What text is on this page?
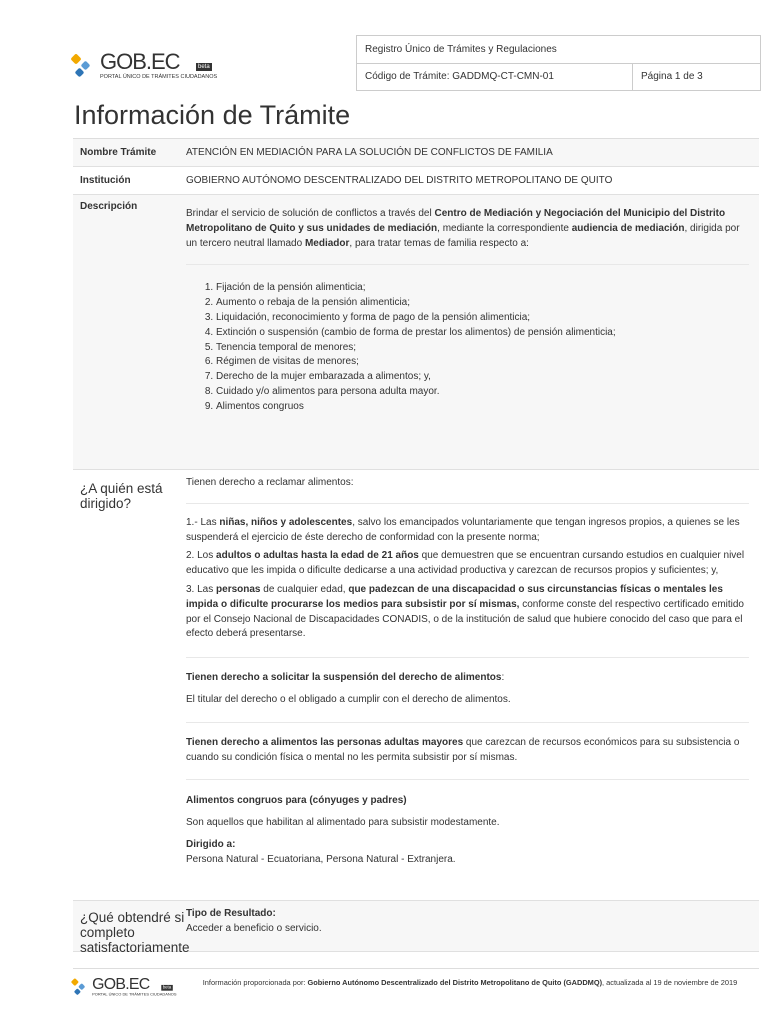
GOB.EC	beta
PORTAL ÚNICO DE TRÁMITES CIUDADANOS
Registro Único de Trámites y Regulaciones
Código de Trámite: GADDMQ-CT-CMN-01	Página 1 de 3
Información de Trámite
Nombre Trámite	ATENCIÓN EN MEDIACIÓN PARA LA SOLUCIÓN DE CONFLICTOS DE FAMILIA
Institución	GOBIERNO AUTÓNOMO DESCENTRALIZADO DEL DISTRITO METROPOLITANO DE QUITO
Descripción

Brindar el servicio de solución de conflictos a través del Centro de Mediación y Negociación del Municipio del Distrito Metropolitano de Quito y sus unidades de mediación, mediante la correspondiente audiencia de mediación, dirigida por un tercero neutral llamado Mediador, para tratar temas de familia respecto a:

1. Fijación de la pensión alimenticia;
2. Aumento o rebaja de la pensión alimenticia;
3. Liquidación, reconocimiento y forma de pago de la pensión alimenticia;
4. Extinción o suspensión (cambio de forma de prestar los alimentos) de pensión alimenticia;
5. Tenencia temporal de menores;
6. Régimen de visitas de menores;
7. Derecho de la mujer embarazada a alimentos; y,
8. Cuidado y/o alimentos para persona adulta mayor.
9. Alimentos congruos
¿A quién está dirigido?

Tienen derecho a reclamar alimentos:

1.- Las niñas, niños y adolescentes, salvo los emancipados voluntariamente que tengan ingresos propios, a quienes se les suspenderá el ejercicio de éste derecho de conformidad con la presente norma;

2. Los adultos o adultas hasta la edad de 21 años que demuestren que se encuentran cursando estudios en cualquier nivel educativo que les impida o dificulte dedicarse a una actividad productiva y carezcan de recursos propios y suficientes; y,

3. Las personas de cualquier edad, que padezcan de una discapacidad o sus circunstancias físicas o mentales les impida o dificulte procurarse los medios para subsistir por sí mismas, conforme conste del respectivo certificado emitido por el Consejo Nacional de Discapacidades CONADIS, o de la institución de salud que hubiere conocido del caso que para el efecto deberá presentarse.

Tienen derecho a solicitar la suspensión del derecho de alimentos:

El titular del derecho o el obligado a cumplir con el derecho de alimentos.

Tienen derecho a alimentos las personas adultas mayores que carezcan de recursos económicos para su subsistencia o cuando su condición física o mental no les permita subsistir por sí mismas.

Alimentos congruos para (cónyuges y padres)

Son aquellos que habilitan al alimentado para subsistir modestamente.

Dirigido a:

Persona Natural - Ecuatoriana, Persona Natural - Extranjera.

¿Qué obtendré si completo satisfactoriamente

Tipo de Resultado:

Acceder a beneficio o servicio.

Información proporcionada por: Gobierno Autónomo Descentralizado del Distrito Metropolitano de Quito (GADDMQ), actualizada al 19 de noviembre de 2019
GOB.EC beta
PORTAL ÚNICO DE TRÁMITES CIUDADANOS
